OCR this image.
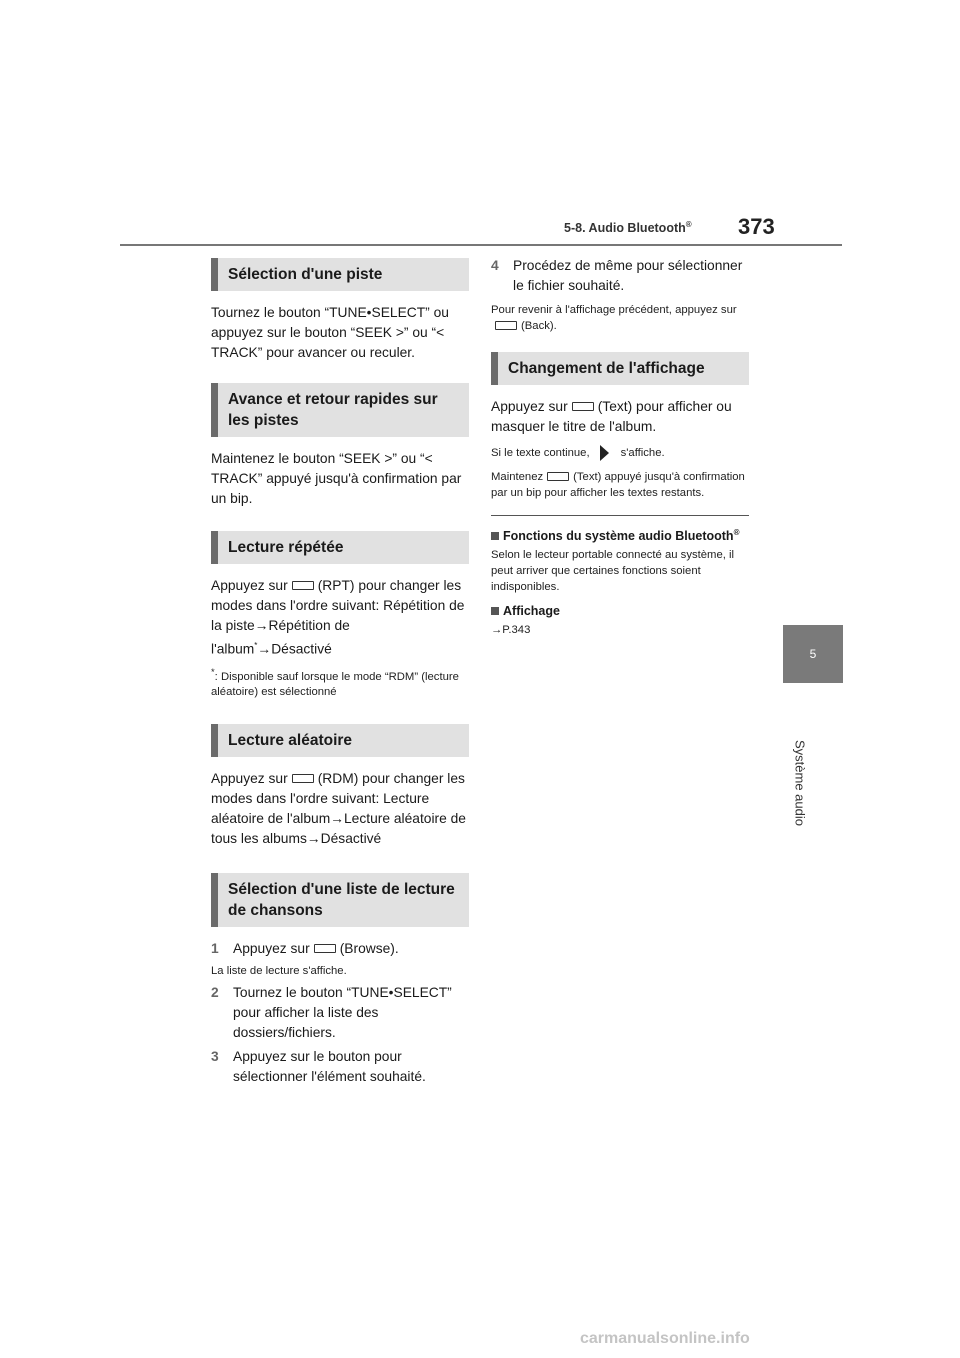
5-8. Audio Bluetooth® 373
5
Système audio
Sélection d'une piste

Tournez le bouton “TUNE•SELECT” ou appuyez sur le bouton “SEEK >” ou “< TRACK” pour avancer ou reculer.

Avance et retour rapides sur les pistes

Maintenez le bouton “SEEK >” ou “< TRACK” appuyé jusqu'à confirmation par un bip.

Lecture répétée

Appuyez sur (RPT) pour changer les modes dans l'ordre suivant: Répétition de la piste→Répétition de l'album*→Désactivé

*: Disponible sauf lorsque le mode “RDM” (lecture aléatoire) est sélectionné

Lecture aléatoire

Appuyez sur (RDM) pour changer les modes dans l'ordre suivant: Lecture aléatoire de l'album→Lecture aléatoire de tous les albums→Désactivé

Sélection d'une liste de lecture de chansons
1 Appuyez sur (Browse).

La liste de lecture s'affiche.

2 Tournez le bouton “TUNE•SELECT” pour afficher la liste des dossiers/fichiers.
3 Appuyez sur le bouton pour sélectionner l'élément souhaité.
4 Procédez de même pour sélectionner le fichier souhaité.

Pour revenir à l'affichage précédent, appuyez sur(Back).

Changement de l'affichage

Appuyez sur (Text) pour afficher ou masquer le titre de l'album.

Si le texte continue,	s'affiche.

Maintenez	(Text) appuyé jusqu'à confirmation par un bip pour afficher les textes restants.

Fonctions du système audio Bluetooth®

Selon le lecteur portable connecté au système, il peut arriver que certaines fonctions soient indisponibles.

Affichage

→P.343

carmanualsonline.info
